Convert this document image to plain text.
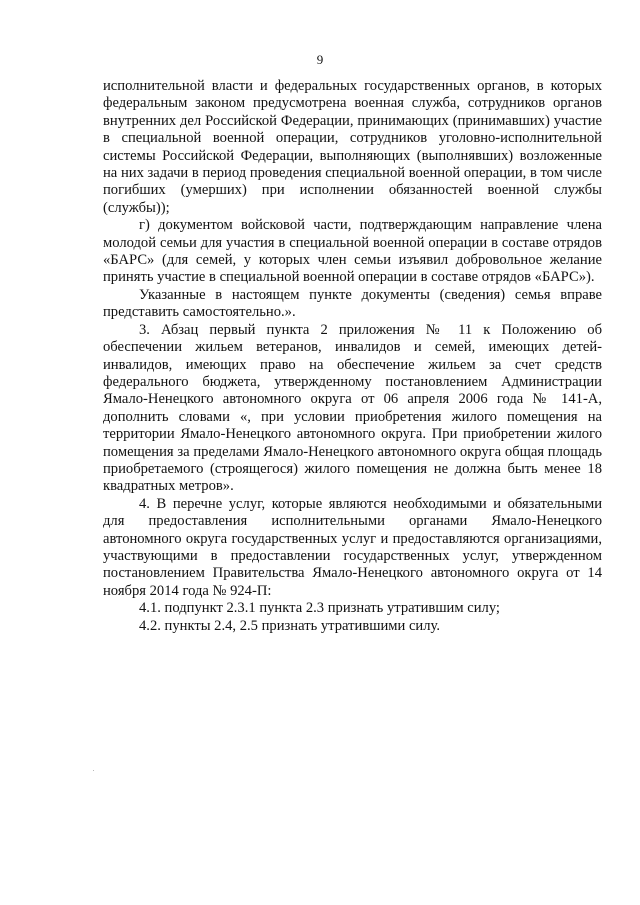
9

исполнительной власти и федеральных государственных органов, в которых федеральным законом предусмотрена военная служба, сотрудников органов внутренних дел Российской Федерации, принимающих (принимавших) участие в специальной военной операции, сотрудников уголовно-исполнительной системы Российской Федерации, выполняющих (выполнявших) возложенные на них задачи в период проведения специальной военной операции, в том числе погибших (умерших) при исполнении обязанностей военной службы (службы));

г) документом войсковой части, подтверждающим направление члена молодой семьи для участия в специальной военной операции в составе отрядов «БАРС» (для семей, у которых член семьи изъявил добровольное желание принять участие в специальной военной операции в составе отрядов «БАРС»).

Указанные в настоящем пункте документы (сведения) семья вправе представить самостоятельно.».

3. Абзац первый пункта 2 приложения № 11 к Положению об обеспечении жильем ветеранов, инвалидов и семей, имеющих детей-инвалидов, имеющих право на обеспечение жильем за счет средств федерального бюджета, утвержденному постановлением Администрации Ямало-Ненецкого автономного округа от 06 апреля 2006 года № 141-А, дополнить словами «, при условии приобретения жилого помещения на территории Ямало-Ненецкого автономного округа. При приобретении жилого помещения за пределами Ямало-Ненецкого автономного округа общая площадь приобретаемого (строящегося) жилого помещения не должна быть менее 18 квадратных метров».

4. В перечне услуг, которые являются необходимыми и обязательными для предоставления исполнительными органами Ямало-Ненецкого автономного округа государственных услуг и предоставляются организациями, участвующими в предоставлении государственных услуг, утвержденном постановлением Правительства Ямало-Ненецкого автономного округа от 14 ноября 2014 года № 924-П:

4.1. подпункт 2.3.1 пункта 2.3 признать утратившим силу;

4.2. пункты 2.4, 2.5 признать утратившими силу.
